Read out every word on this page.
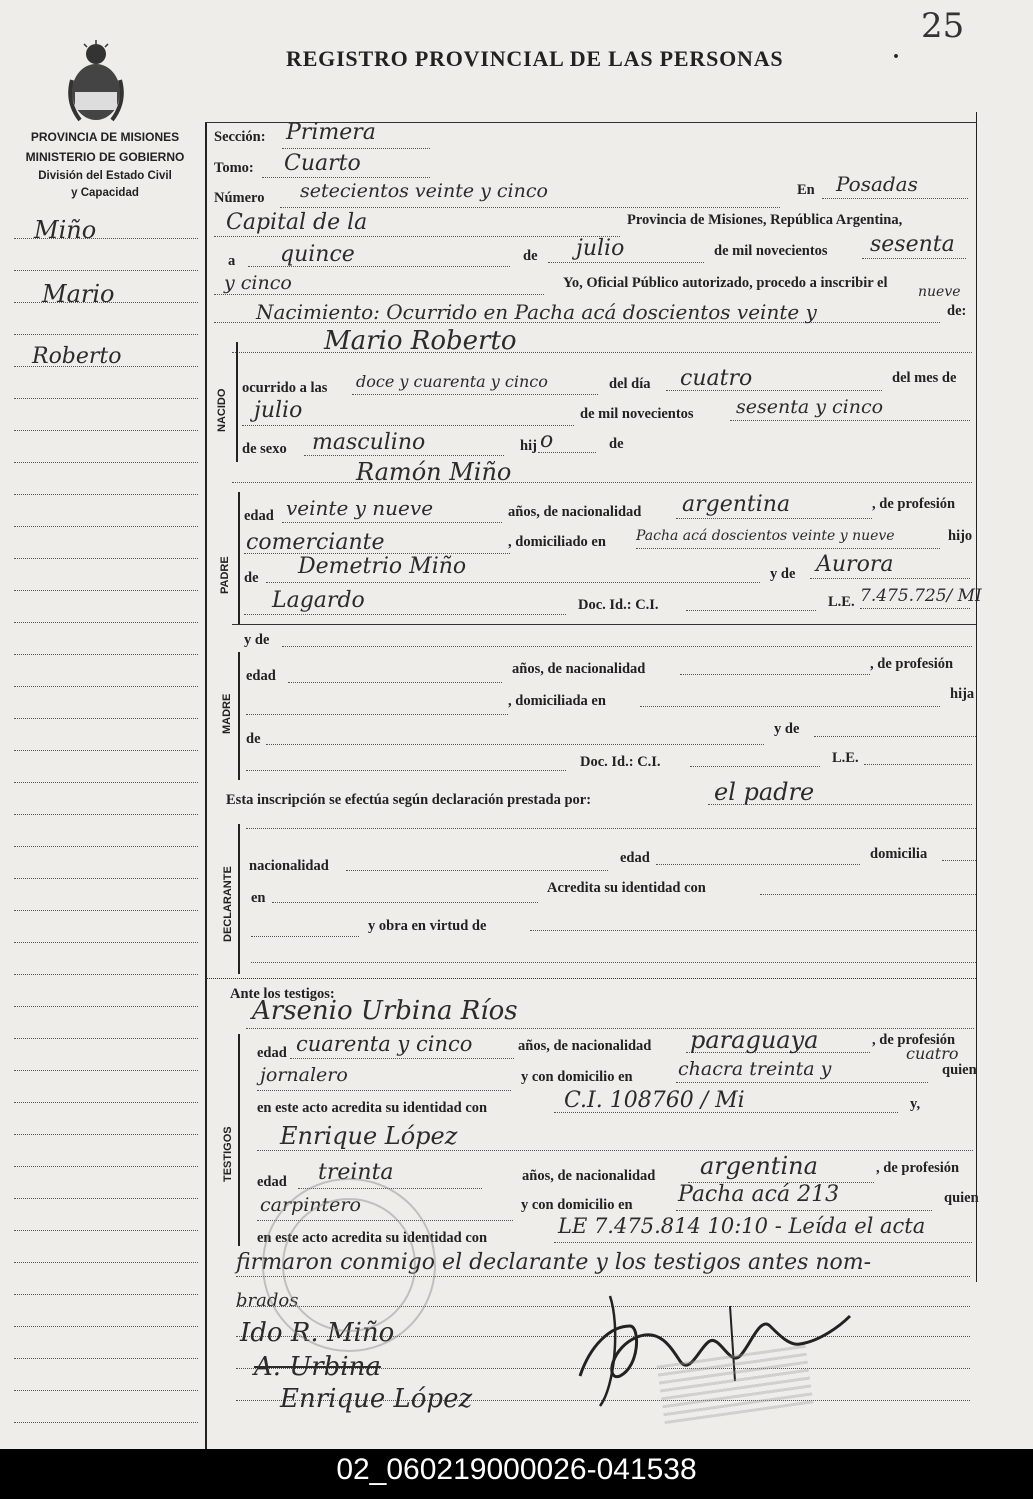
25
REGISTRO PROVINCIAL DE LAS PERSONAS	·
PROVINCIA DE MISIONES
MINISTERIO DE GOBIERNO
División del Estado Civil
y Capacidad
Miño
Mario
Roberto
Sección: Primera
Tomo: Cuarto
Número setecientos veinte y cinco	En Posadas
Capital de la	Provincia de Misiones, República Argentina,
a quince	de julio	de mil novecientos sesenta
y cinco	Yo, Oficial Público autorizado, procedo a inscribir el
Nacimiento: Ocurrido en Pacha acá doscientos veinte y
nueve
de:
Mario Roberto
NACIDO
ocurrido a las doce y cuarenta y cinco	del día cuatro	del mes de
julio	de mil novecientos sesenta y cinco
de sexo masculino	hij o	de
Ramón Miño
PADRE
edad veinte y nueve	años, de nacionalidad argentina	, de profesión
comerciante	, domiciliado en Pacha acá doscientos veinte y nueve	hijo
de Demetrio Miño	y de Aurora
Lagardo	Doc. Id.: C.I.	L.E. 7.475.725/ MI
y de
MADRE
edad	años, de nacionalidad	, de profesión
, domiciliada en	hija
de
y de
Doc. Id.: C.I.	L.E.
Esta inscripción se efectúa según declaración prestada por:	el padre
DECLARANTE
nacionalidad	edad	domicilia
en
Acredita su identidad con
y obra en virtud de
Ante los testigos:
Arsenio Urbina Ríos
TESTIGOS
edad cuarenta y cinco	años, de nacionalidad paraguaya	, de profesión
jornalero	y con domicilio en chacra treinta y
cuatro
quien
en este acto acredita su identidad con	C.I. 108760 / Mi	y,
Enrique López
edad treinta	años, de nacionalidad argentina	, de profesión
carpintero	y con domicilio en Pacha acá 213	quien
en este acto acredita su identidad con	LE 7.475.814 10:10 - Leída el acta
firmaron conmigo el declarante y los testigos antes nom-
brados
Ido R. Miño
A. Urbina
Enrique López
02_060219000026-041538
